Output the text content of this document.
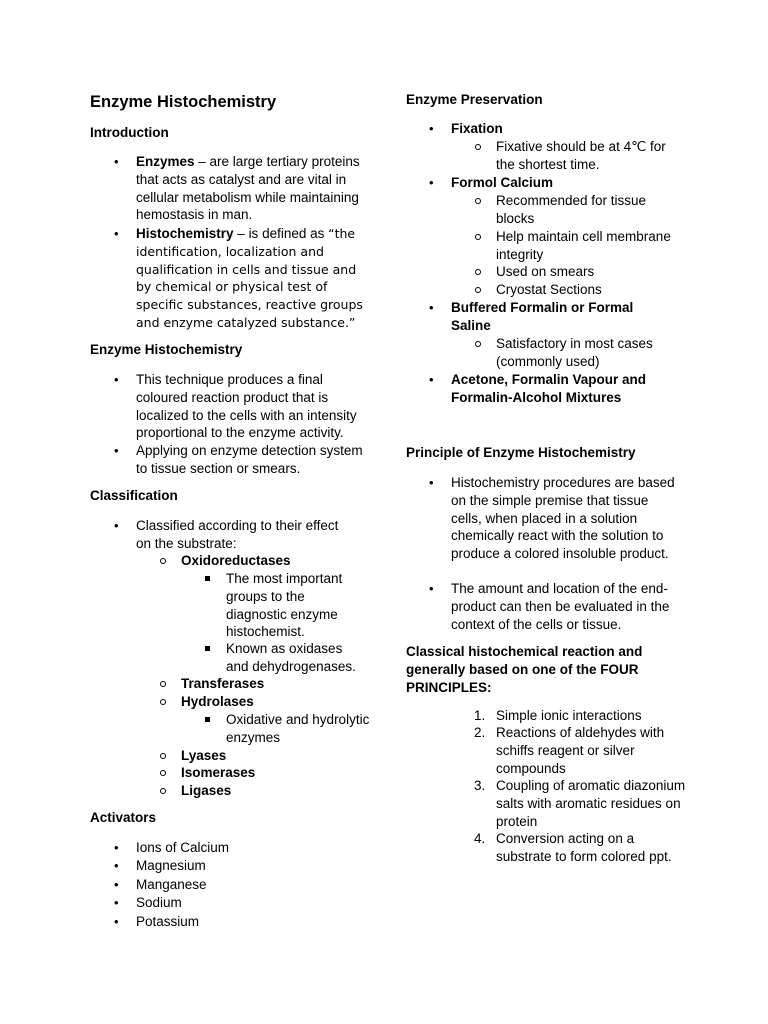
Enzyme Histochemistry
Introduction
• Enzymes – are large tertiary proteins that acts as catalyst and are vital in cellular metabolism while maintaining hemostasis in man.
• Histochemistry – is defined as “the identification, localization and qualification in cells and tissue and by chemical or physical test of specific substances, reactive groups and enzyme catalyzed substance.”
Enzyme Histochemistry
• This technique produces a final coloured reaction product that is localized to the cells with an intensity proportional to the enzyme activity.
• Applying on enzyme detection system to tissue section or smears.
Classification
• Classified according to their effect on the substrate:
Oxidoreductases
The most important groups to the diagnostic enzyme histochemist.
Known as oxidases and dehydrogenases.
Transferases
Hydrolases
Oxidative and hydrolytic enzymes
Lyases
Isomerases
Ligases
Activators
• Ions of Calcium
• Magnesium
• Manganese
• Sodium
• Potassium
Enzyme Preservation
• Fixation
Fixative should be at 4℃ for the shortest time.
• Formol Calcium
Recommended for tissue blocks
Help maintain cell membrane integrity
Used on smears
Cryostat Sections
• Buffered Formalin or Formal Saline
Satisfactory in most cases (commonly used)
• Acetone, Formalin Vapour and Formalin-Alcohol Mixtures
Principle of Enzyme Histochemistry
• Histochemistry procedures are based on the simple premise that tissue cells, when placed in a solution chemically react with the solution to produce a colored insoluble product.
• The amount and location of the end-product can then be evaluated in the context of the cells or tissue.
Classical histochemical reaction and generally based on one of the FOUR PRINCIPLES:
1. Simple ionic interactions
2. Reactions of aldehydes with schiffs reagent or silver compounds
3. Coupling of aromatic diazonium salts with aromatic residues on protein
4. Conversion acting on a substrate to form colored ppt.
